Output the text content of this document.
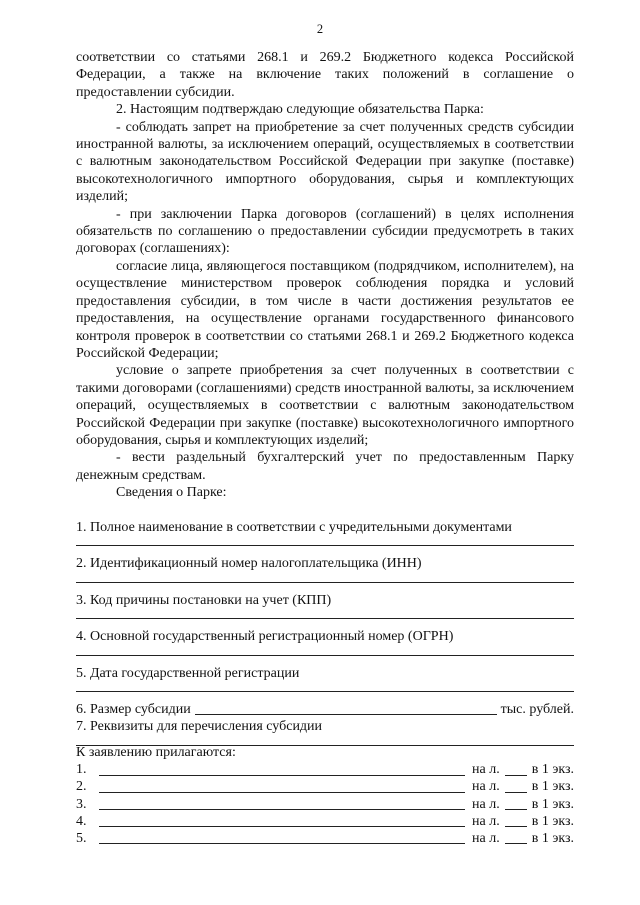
2
соответствии со статьями 268.1 и 269.2 Бюджетного кодекса Российской Федерации, а также на включение таких положений в соглашение о предоставлении субсидии.
2. Настоящим подтверждаю следующие обязательства Парка:
- соблюдать запрет на приобретение за счет полученных средств субсидии иностранной валюты, за исключением операций, осуществляемых в соответствии с валютным законодательством Российской Федерации при закупке (поставке) высокотехнологичного импортного оборудования, сырья и комплектующих изделий;
- при заключении Парка договоров (соглашений) в целях исполнения обязательств по соглашению о предоставлении субсидии предусмотреть в таких договорах (соглашениях):
согласие лица, являющегося поставщиком (подрядчиком, исполнителем), на осуществление министерством проверок соблюдения порядка и условий предоставления субсидии, в том числе в части достижения результатов ее предоставления, на осуществление органами государственного финансового контроля проверок в соответствии со статьями 268.1 и 269.2 Бюджетного кодекса Российской Федерации;
условие о запрете приобретения за счет полученных в соответствии с такими договорами (соглашениями) средств иностранной валюты, за исключением операций, осуществляемых в соответствии с валютным законодательством Российской Федерации при закупке (поставке) высокотехнологичного импортного оборудования, сырья и комплектующих изделий;
- вести раздельный бухгалтерский учет по предоставленным Парку денежным средствам.
Сведения о Парке:
1. Полное наименование в соответствии с учредительными документами
2. Идентификационный номер налогоплательщика (ИНН)
3. Код причины постановки на учет (КПП)
4. Основной государственный регистрационный номер (ОГРН)
5. Дата государственной регистрации
6. Размер субсидии	тыс. рублей.
7. Реквизиты для перечисления субсидии
К заявлению прилагаются:
1.	на л. в 1 экз.
2.	на л. в 1 экз.
3.	на л. в 1 экз.
4.	на л. в 1 экз.
5.	на л. в 1 экз.
